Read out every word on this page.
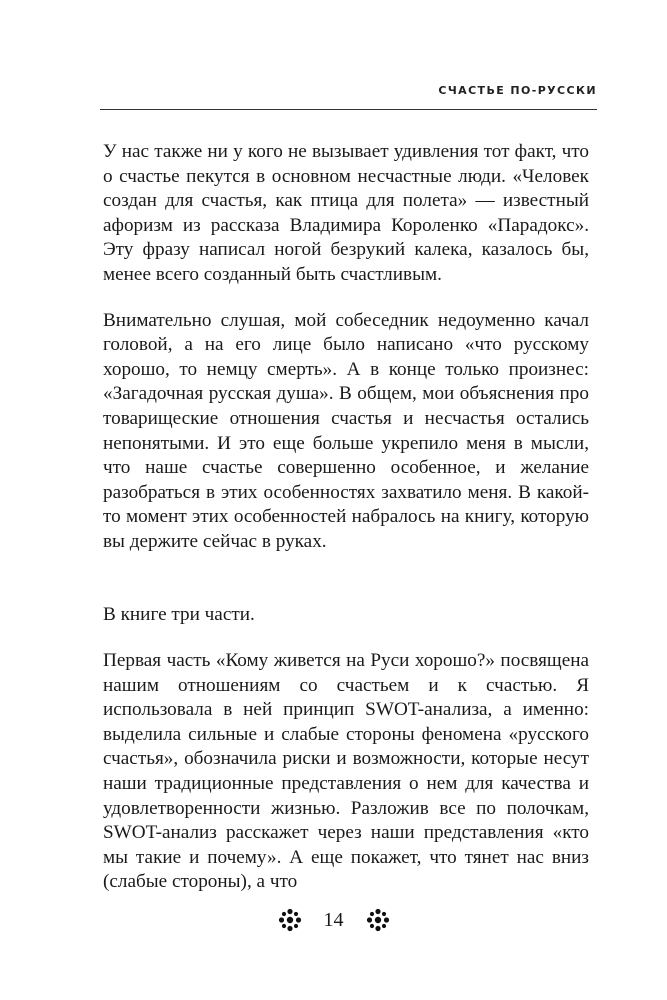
СЧАСТЬЕ ПО-РУССКИ

У нас также ни у кого не вызывает удивления тот факт, что о счастье пекутся в основном несчастные люди. «Человек создан для счастья, как птица для полета» — известный афоризм из рассказа Владимира Короленко «Парадокс». Эту фразу написал ногой безрукий калека, казалось бы, менее всего созданный быть счастливым.

Внимательно слушая, мой собеседник недоуменно качал головой, а на его лице было написано «что русскому хорошо, то немцу смерть». А в конце только произнес: «Загадочная русская душа». В общем, мои объяснения про товарищеские отношения счастья и несчастья остались непонятыми. И это еще больше укрепило меня в мысли, что наше счастье совершенно особенное, и желание разобраться в этих особенностях захватило меня. В какой-то момент этих особенностей набралось на книгу, которую вы держите сейчас в руках.

В книге три части.

Первая часть «Кому живется на Руси хорошо?» посвящена нашим отношениям со счастьем и к счастью. Я использовала в ней принцип SWOT-анализа, а именно: выделила сильные и слабые стороны феномена «русского счастья», обозначила риски и возможности, которые несут наши традиционные представления о нем для качества и удовлетворенности жизнью. Разложив все по полочкам, SWOT-анализ расскажет через наши представления «кто мы такие и почему». А еще покажет, что тянет нас вниз (слабые стороны), а что

14
